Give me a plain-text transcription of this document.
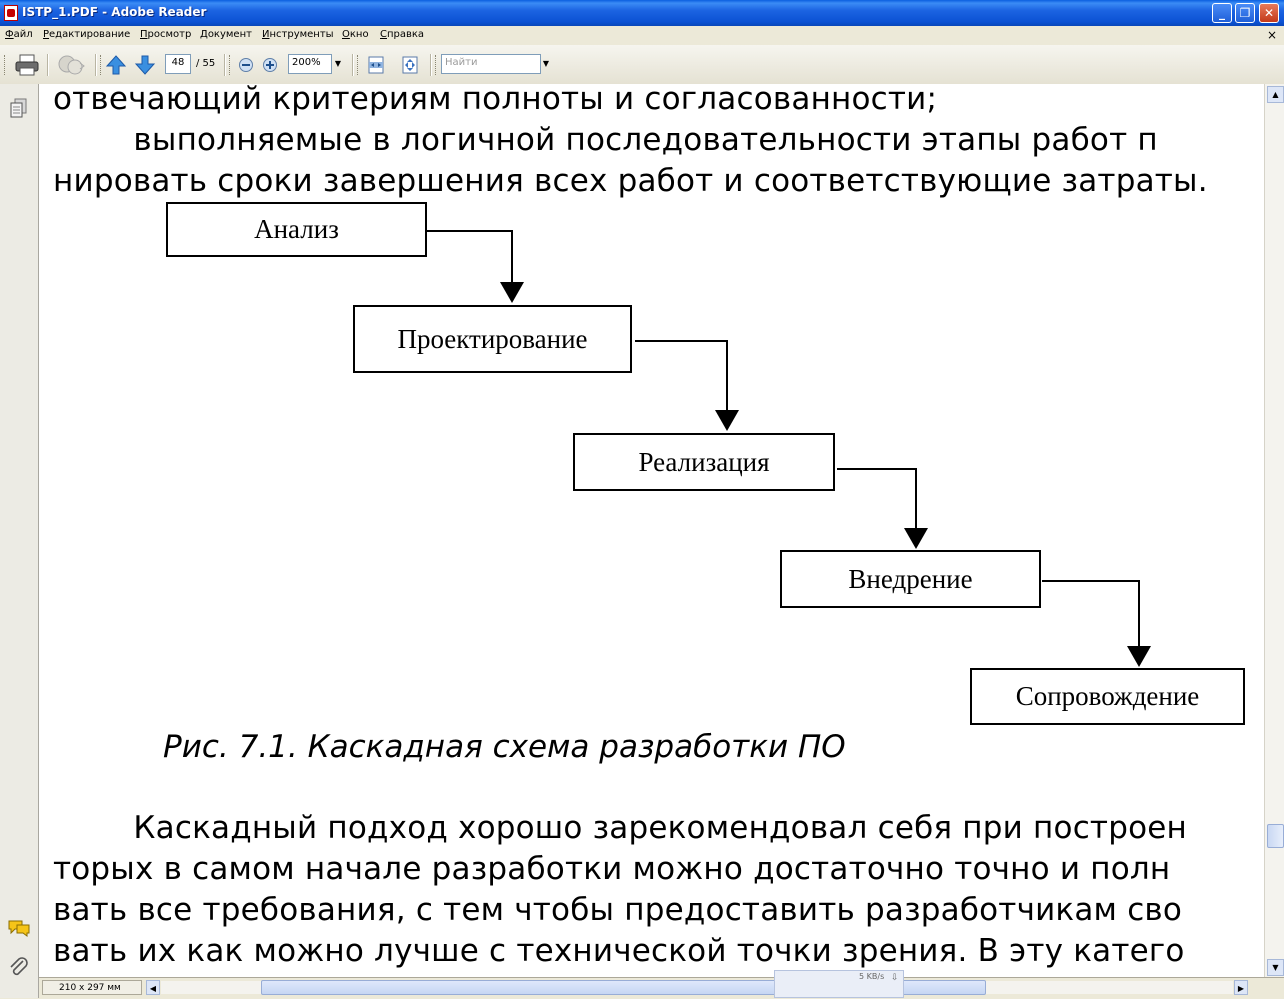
ISTP_1.PDF - Adobe Reader	_	❐	✕
Файл Редактирование Просмотр Документ Инструменты Окно Справка	×
48	/ 55	200%	▼	Найти	▼
отвечающий критериям полноты и согласованности;
выполняемые в логичной последовательности этапы работ п
нировать сроки завершения всех работ и соответствующие затраты.
Анализ
Проектирование
Реализация
Внедрение
Сопровождение
Рис. 7.1. Каскадная схема разработки ПО
Каскадный подход хорошо зарекомендовал себя при построен
торых в самом начале разработки можно достаточно точно и полн
вать все требования, с тем чтобы предоставить разработчикам сво
вать их как можно лучше с технической точки зрения. В эту катего
▲
▼
210 x 297 мм	◀
5 KB/s ⇩
▶
